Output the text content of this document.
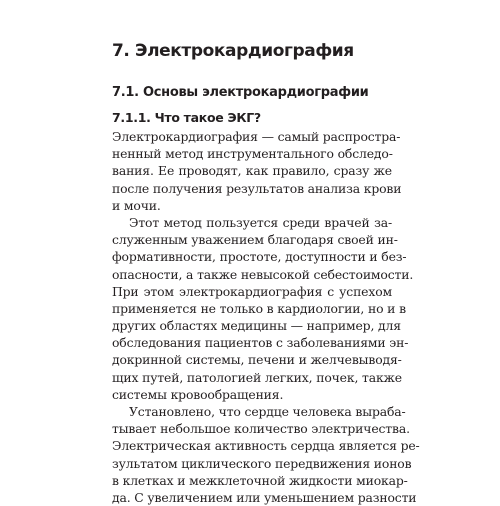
7. Электрокардиография
7.1. Основы электрокардиографии
7.1.1. Что такое ЭКГ?
Электрокардиография — самый распростра-
ненный метод инструментального обследо-
вания. Ее проводят, как правило, сразу же
после получения результатов анализа крови
и мочи.
Этот метод пользуется среди врачей за-
служенным уважением благодаря своей ин-
формативности, простоте, доступности и без-
опасности, а также невысокой себестоимости.
При этом электрокардиография с успехом
применяется не только в кардиологии, но и в
других областях медицины — например, для
обследования пациентов с заболеваниями эн-
докринной системы, печени и желчевыводя-
щих путей, патологией легких, почек, также
системы кровообращения.
Установлено, что сердце человека выраба-
тывает небольшое количество электричества.
Электрическая активность сердца является ре-
зультатом циклического передвижения ионов
в клетках и межклеточной жидкости миокар-
да. С увеличением или уменьшением разности
